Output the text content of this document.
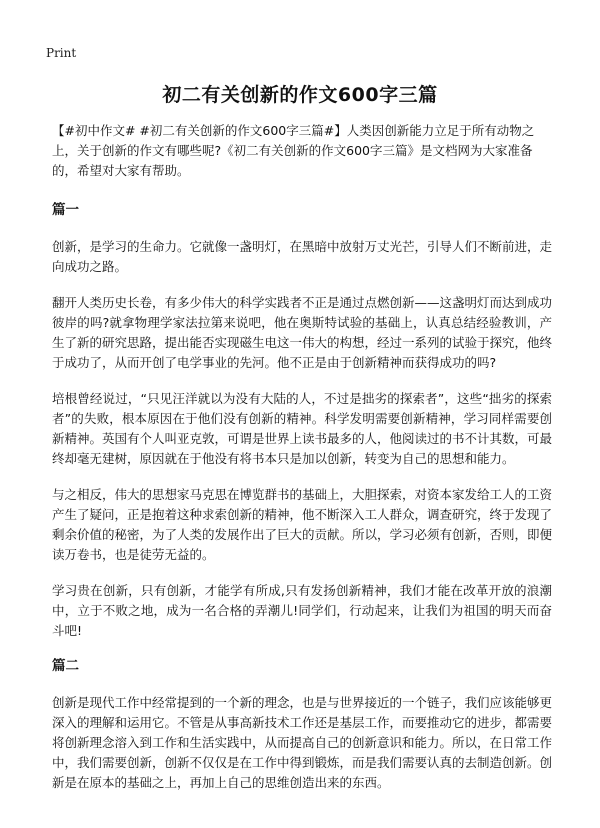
Print
初二有关创新的作文600字三篇

【#初中作文# #初二有关创新的作文600字三篇#】人类因创新能力立足于所有动物之上，关于创新的作文有哪些呢?《初二有关创新的作文600字三篇》是文档网为大家准备的，希望对大家有帮助。

篇一

创新，是学习的生命力。它就像一盏明灯，在黑暗中放射万丈光芒，引导人们不断前进，走向成功之路。

翻开人类历史长卷，有多少伟大的科学实践者不正是通过点燃创新——这盏明灯而达到成功彼岸的吗?就拿物理学家法拉第来说吧，他在奥斯特试验的基础上，认真总结经验教训，产生了新的研究思路，提出能否实现磁生电这一伟大的构想，经过一系列的试验于探究，他终于成功了，从而开创了电学事业的先河。他不正是由于创新精神而获得成功的吗?

培根曾经说过，“只见汪洋就以为没有大陆的人，不过是拙劣的探索者”，这些“拙劣的探索者”的失败，根本原因在于他们没有创新的精神。科学发明需要创新精神，学习同样需要创新精神。英国有个人叫亚克敦，可谓是世界上读书最多的人，他阅读过的书不计其数，可最终却毫无建树，原因就在于他没有将书本只是加以创新，转变为自己的思想和能力。

与之相反，伟大的思想家马克思在博览群书的基础上，大胆探索，对资本家发给工人的工资产生了疑问，正是抱着这种求索创新的精神，他不断深入工人群众，调查研究，终于发现了剩余价值的秘密，为了人类的发展作出了巨大的贡献。所以，学习必须有创新，否则，即便读万卷书，也是徒劳无益的。

学习贵在创新，只有创新，才能学有所成,只有发扬创新精神，我们才能在改革开放的浪潮中，立于不败之地，成为一名合格的弄潮儿!同学们，行动起来，让我们为祖国的明天而奋斗吧!

篇二

创新是现代工作中经常提到的一个新的理念，也是与世界接近的一个链子，我们应该能够更深入的理解和运用它。不管是从事高新技术工作还是基层工作，而要推动它的进步，都需要将创新理念溶入到工作和生活实践中，从而提高自己的创新意识和能力。所以，在日常工作中，我们需要创新，创新不仅仅是在工作中得到锻炼，而是我们需要认真的去制造创新。创新是在原本的基础之上，再加上自己的思维创造出来的东西。
